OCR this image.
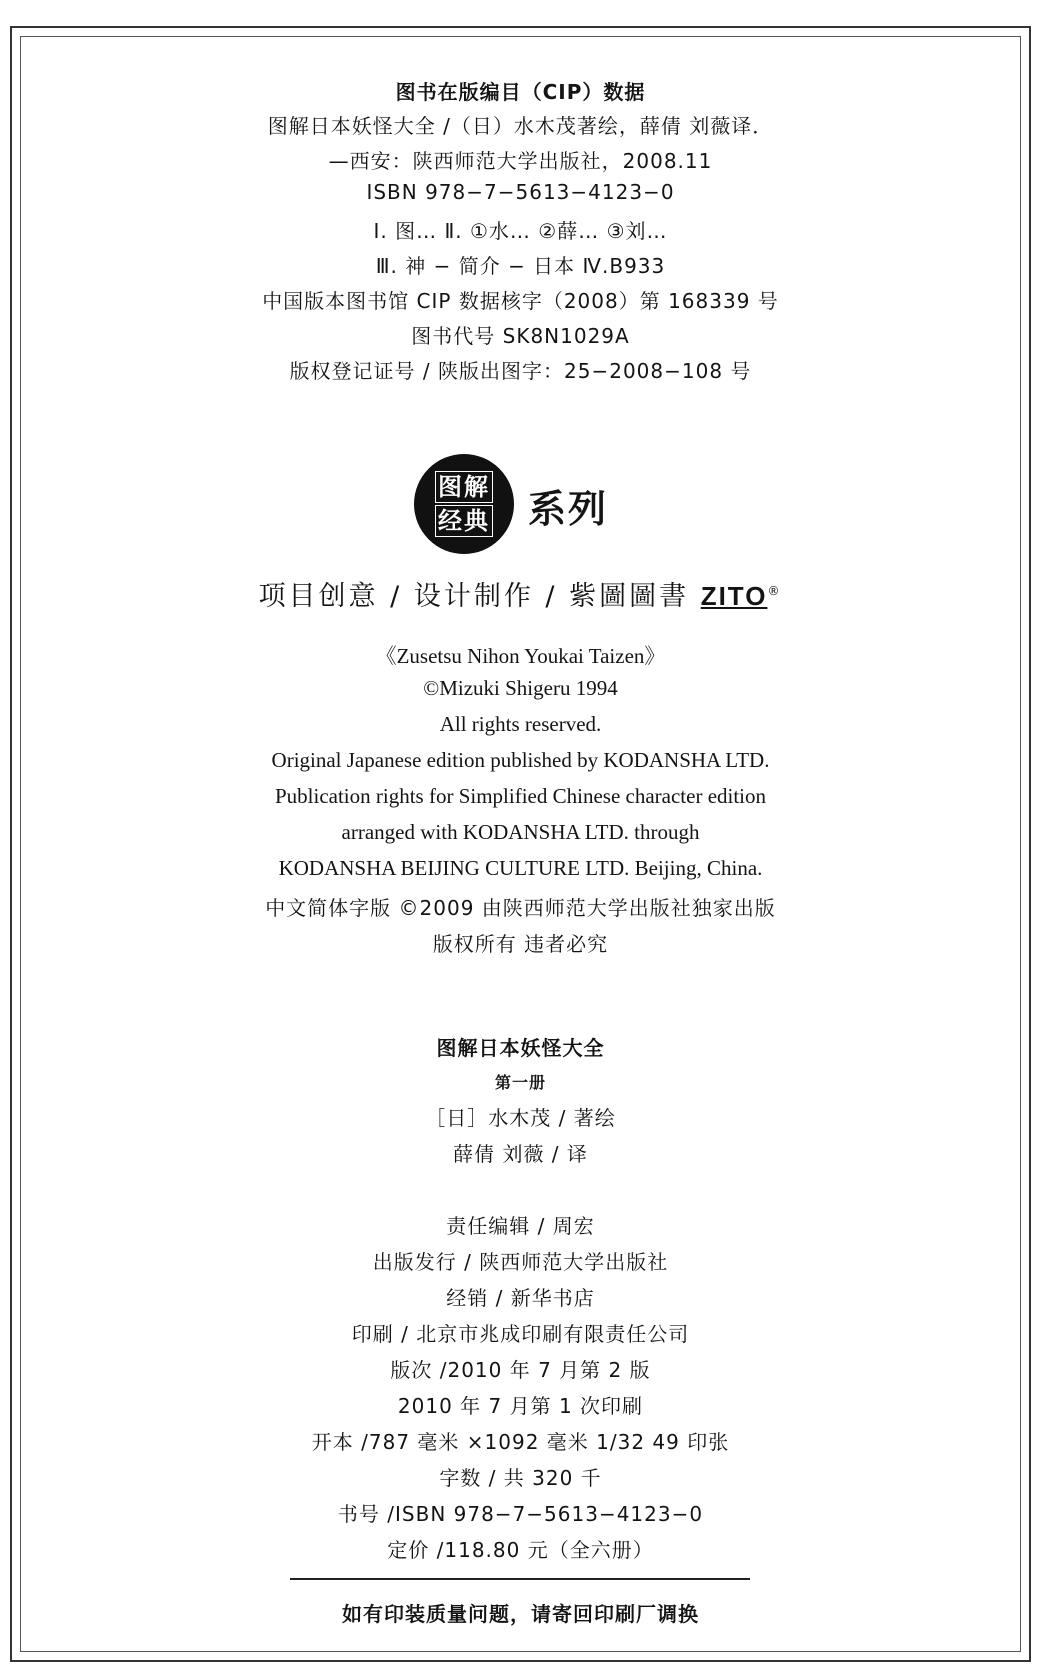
图书在版编目（CIP）数据
图解日本妖怪大全 /（日）水木茂著绘，薛倩 刘薇译．
—西安：陕西师范大学出版社，2008.11
ISBN 978−7−5613−4123−0
Ⅰ. 图… Ⅱ. ①水… ②薛… ③刘…
Ⅲ. 神 − 简介 − 日本 Ⅳ.B933
中国版本图书馆 CIP 数据核字（2008）第 168339 号
图书代号 SK8N1029A
版权登记证号 / 陕版出图字：25−2008−108 号
图解
经典 系列
项目创意 / 设计制作 / 紫圖圖書 ZITO®
《Zusetsu Nihon Youkai Taizen》
©Mizuki Shigeru 1994
All rights reserved.
Original Japanese edition published by KODANSHA LTD.
Publication rights for Simplified Chinese character edition
arranged with KODANSHA LTD. through
KODANSHA BEIJING CULTURE LTD. Beijing, China.
中文简体字版 ©2009 由陕西师范大学出版社独家出版
版权所有 违者必究
图解日本妖怪大全
第一册
［日］水木茂 / 著绘
薛倩 刘薇 / 译
责任编辑 / 周宏
出版发行 / 陕西师范大学出版社
经销 / 新华书店
印刷 / 北京市兆成印刷有限责任公司
版次 /2010 年 7 月第 2 版
2010 年 7 月第 1 次印刷
开本 /787 毫米 ×1092 毫米 1/32 49 印张
字数 / 共 320 千
书号 /ISBN 978−7−5613−4123−0
定价 /118.80 元（全六册）
如有印装质量问题，请寄回印刷厂调换
